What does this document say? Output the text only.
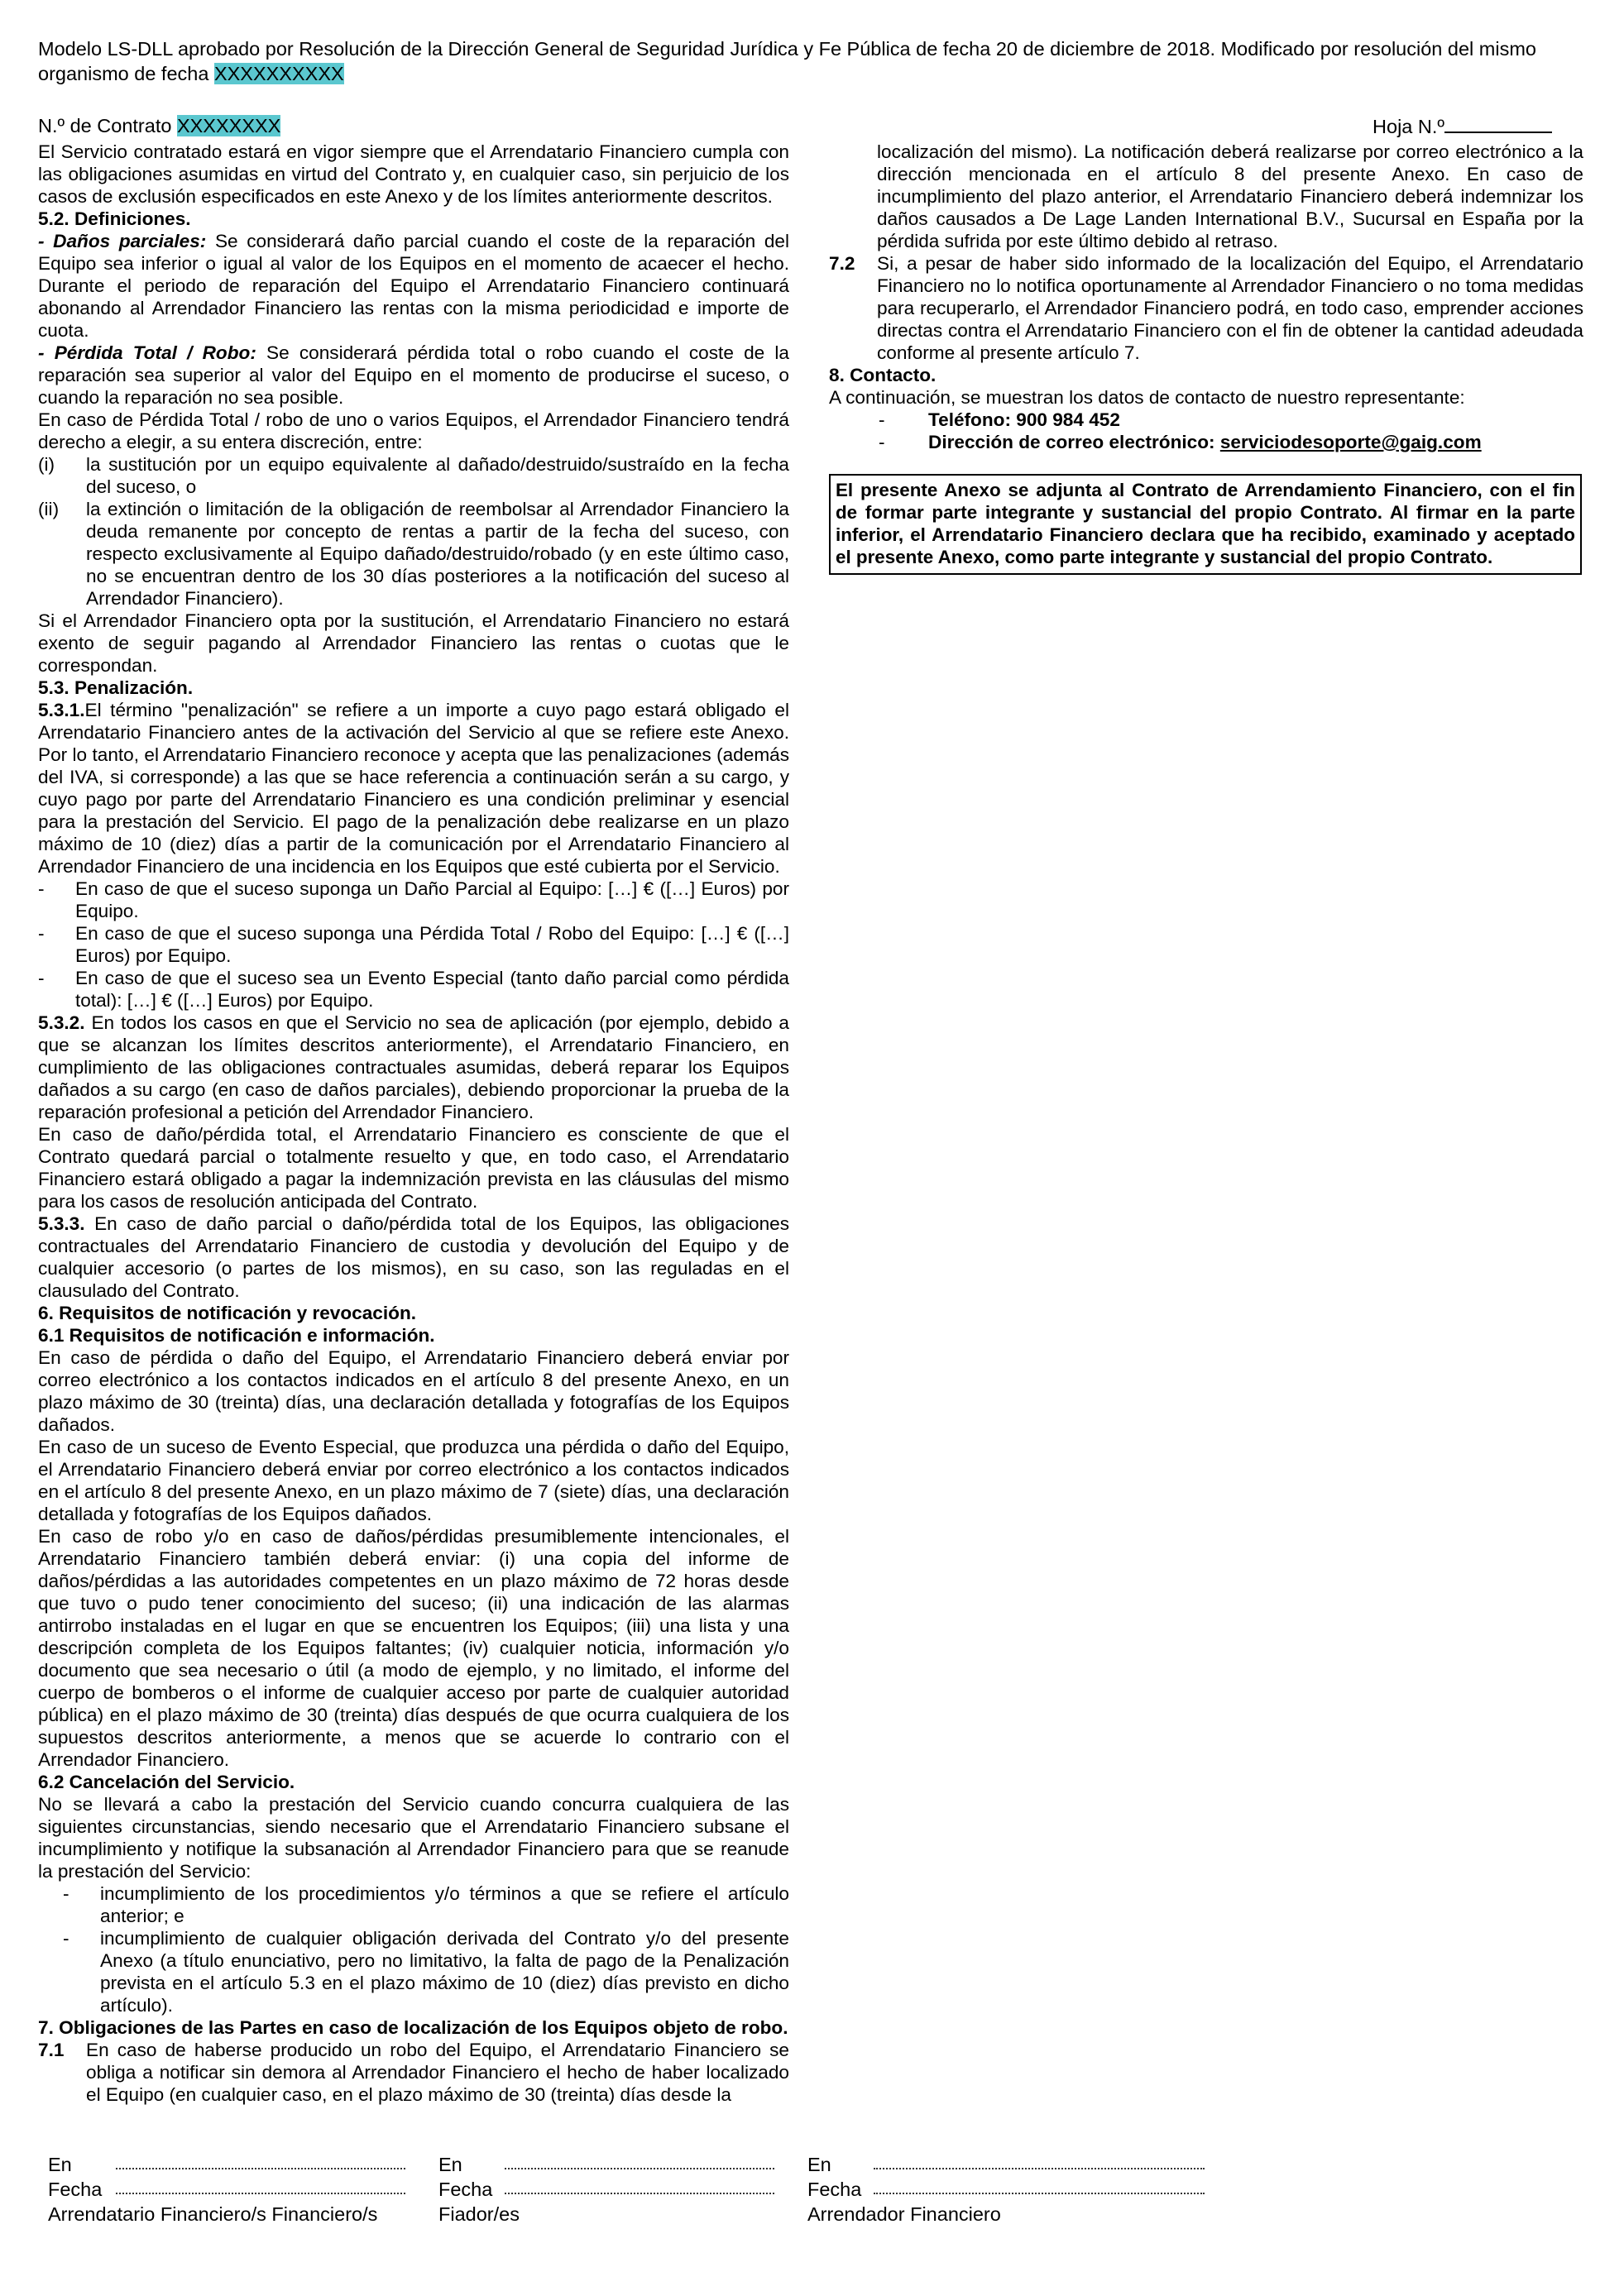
Modelo LS-DLL aprobado por Resolución de la Dirección General de Seguridad Jurídica y Fe Pública de fecha 20 de diciembre de 2018. Modificado por resolución del mismo organismo de fecha XXXXXXXXXX
N.º de Contrato XXXXXXXX	Hoja N.º

El Servicio contratado estará en vigor siempre que el Arrendatario Financiero cumpla con las obligaciones asumidas en virtud del Contrato y, en cualquier caso, sin perjuicio de los casos de exclusión especificados en este Anexo y de los límites anteriormente descritos.

5.2. Definiciones.

- Daños parciales: Se considerará daño parcial cuando el coste de la reparación del Equipo sea inferior o igual al valor de los Equipos en el momento de acaecer el hecho. Durante el periodo de reparación del Equipo el Arrendatario Financiero continuará abonando al Arrendador Financiero las rentas con la misma periodicidad e importe de cuota.

- Pérdida Total / Robo: Se considerará pérdida total o robo cuando el coste de la reparación sea superior al valor del Equipo en el momento de producirse el suceso, o cuando la reparación no sea posible.

En caso de Pérdida Total / robo de uno o varios Equipos, el Arrendador Financiero tendrá derecho a elegir, a su entera discreción, entre:

(i)	la sustitución por un equipo equivalente al dañado/destruido/sustraído en la fecha del suceso, o
(ii)	la extinción o limitación de la obligación de reembolsar al Arrendador Financiero la deuda remanente por concepto de rentas a partir de la fecha del suceso, con respecto exclusivamente al Equipo dañado/destruido/robado (y en este último caso, no se encuentran dentro de los 30 días posteriores a la notificación del suceso al Arrendador Financiero).

Si el Arrendador Financiero opta por la sustitución, el Arrendatario Financiero no estará exento de seguir pagando al Arrendador Financiero las rentas o cuotas que le correspondan.

5.3. Penalización.

5.3.1.El término "penalización" se refiere a un importe a cuyo pago estará obligado el Arrendatario Financiero antes de la activación del Servicio al que se refiere este Anexo. Por lo tanto, el Arrendatario Financiero reconoce y acepta que las penalizaciones (además del IVA, si corresponde) a las que se hace referencia a continuación serán a su cargo, y cuyo pago por parte del Arrendatario Financiero es una condición preliminar y esencial para la prestación del Servicio. El pago de la penalización debe realizarse en un plazo máximo de 10 (diez) días a partir de la comunicación por el Arrendatario Financiero al Arrendador Financiero de una incidencia en los Equipos que esté cubierta por el Servicio.

-	En caso de que el suceso suponga un Daño Parcial al Equipo: […] € ([…] Euros) por Equipo.
-	En caso de que el suceso suponga una Pérdida Total / Robo del Equipo: […] € ([…] Euros) por Equipo.
-	En caso de que el suceso sea un Evento Especial (tanto daño parcial como pérdida total): […] € ([…] Euros) por Equipo.

5.3.2. En todos los casos en que el Servicio no sea de aplicación (por ejemplo, debido a que se alcanzan los límites descritos anteriormente), el Arrendatario Financiero, en cumplimiento de las obligaciones contractuales asumidas, deberá reparar los Equipos dañados a su cargo (en caso de daños parciales), debiendo proporcionar la prueba de la reparación profesional a petición del Arrendador Financiero.

En caso de daño/pérdida total, el Arrendatario Financiero es consciente de que el Contrato quedará parcial o totalmente resuelto y que, en todo caso, el Arrendatario Financiero estará obligado a pagar la indemnización prevista en las cláusulas del mismo para los casos de resolución anticipada del Contrato.

5.3.3. En caso de daño parcial o daño/pérdida total de los Equipos, las obligaciones contractuales del Arrendatario Financiero de custodia y devolución del Equipo y de cualquier accesorio (o partes de los mismos), en su caso, son las reguladas en el clausulado del Contrato.

6. Requisitos de notificación y revocación.

6.1 Requisitos de notificación e información.

En caso de pérdida o daño del Equipo, el Arrendatario Financiero deberá enviar por correo electrónico a los contactos indicados en el artículo 8 del presente Anexo, en un plazo máximo de 30 (treinta) días, una declaración detallada y fotografías de los Equipos dañados.

En caso de un suceso de Evento Especial, que produzca una pérdida o daño del Equipo, el Arrendatario Financiero deberá enviar por correo electrónico a los contactos indicados en el artículo 8 del presente Anexo, en un plazo máximo de 7 (siete) días, una declaración detallada y fotografías de los Equipos dañados.

En caso de robo y/o en caso de daños/pérdidas presumiblemente intencionales, el Arrendatario Financiero también deberá enviar: (i) una copia del informe de daños/pérdidas a las autoridades competentes en un plazo máximo de 72 horas desde que tuvo o pudo tener conocimiento del suceso; (ii) una indicación de las alarmas antirrobo instaladas en el lugar en que se encuentren los Equipos; (iii) una lista y una descripción completa de los Equipos faltantes; (iv) cualquier noticia, información y/o documento que sea necesario o útil (a modo de ejemplo, y no limitado, el informe del cuerpo de bomberos o el informe de cualquier acceso por parte de cualquier autoridad pública) en el plazo máximo de 30 (treinta) días después de que ocurra cualquiera de los supuestos descritos anteriormente, a menos que se acuerde lo contrario con el Arrendador Financiero.

6.2 Cancelación del Servicio.

No se llevará a cabo la prestación del Servicio cuando concurra cualquiera de las siguientes circunstancias, siendo necesario que el Arrendatario Financiero subsane el incumplimiento y notifique la subsanación al Arrendador Financiero para que se reanude la prestación del Servicio:

-	incumplimiento de los procedimientos y/o términos a que se refiere el artículo anterior; e
-	incumplimiento de cualquier obligación derivada del Contrato y/o del presente Anexo (a título enunciativo, pero no limitativo, la falta de pago de la Penalización prevista en el artículo 5.3 en el plazo máximo de 10 (diez) días previsto en dicho artículo).

7. Obligaciones de las Partes en caso de localización de los Equipos objeto de robo.

7.1	En caso de haberse producido un robo del Equipo, el Arrendatario Financiero se obliga a notificar sin demora al Arrendador Financiero el hecho de haber localizado el Equipo (en cualquier caso, en el plazo máximo de 30 (treinta) días desde la
localización del mismo). La notificación deberá realizarse por correo electrónico a la dirección mencionada en el artículo 8 del presente Anexo. En caso de incumplimiento del plazo anterior, el Arrendatario Financiero deberá indemnizar los daños causados a De Lage Landen International B.V., Sucursal en España por la pérdida sufrida por este último debido al retraso.
7.2	Si, a pesar de haber sido informado de la localización del Equipo, el Arrendatario Financiero no lo notifica oportunamente al Arrendador Financiero o no toma medidas para recuperarlo, el Arrendador Financiero podrá, en todo caso, emprender acciones directas contra el Arrendatario Financiero con el fin de obtener la cantidad adeudada conforme al presente artículo 7.

8. Contacto.

A continuación, se muestran los datos de contacto de nuestro representante:

-	Teléfono: 900 984 452
-	Dirección de correo electrónico: serviciodesoporte@gaig.com
El presente Anexo se adjunta al Contrato de Arrendamiento Financiero, con el fin de formar parte integrante y sustancial del propio Contrato. Al firmar en la parte inferior, el Arrendatario Financiero declara que ha recibido, examinado y aceptado el presente Anexo, como parte integrante y sustancial del propio Contrato.
En
Fecha
Arrendatario Financiero/s Financiero/s
En
Fecha
Fiador/es
En
Fecha
Arrendador Financiero
